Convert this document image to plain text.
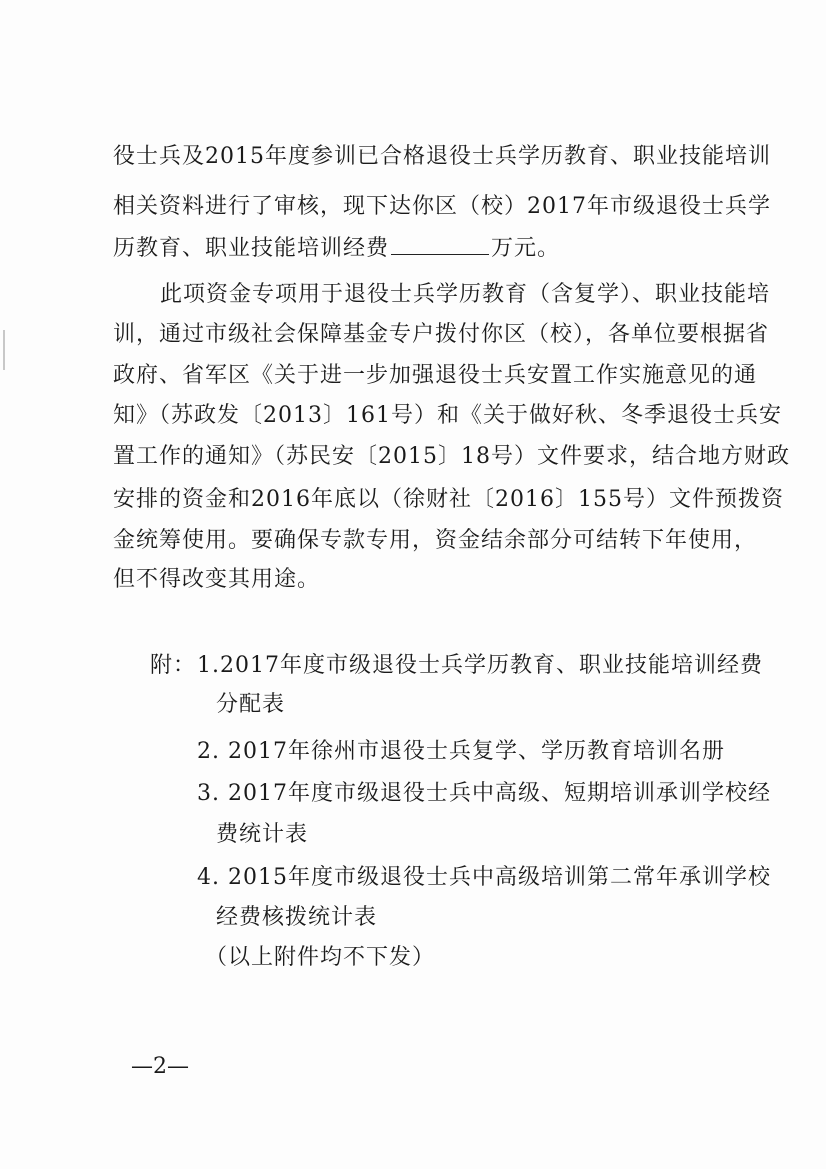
役士兵及2015年度参训已合格退役士兵学历教育、职业技能培训

相关资料进行了审核，现下达你区（校）2017年市级退役士兵学

历教育、职业技能培训经费	万元。

此项资金专项用于退役士兵学历教育（含复学）、职业技能培

训，通过市级社会保障基金专户拨付你区（校），各单位要根据省

政府、省军区《关于进一步加强退役士兵安置工作实施意见的通

知》（苏政发〔2013〕161号）和《关于做好秋、冬季退役士兵安

置工作的通知》（苏民安〔2015〕18号）文件要求，结合地方财政

安排的资金和2016年底以（徐财社〔2016〕155号）文件预拨资

金统筹使用。要确保专款专用，资金结余部分可结转下年使用，

但不得改变其用途。

附： 1.2017年度市级退役士兵学历教育、职业技能培训经费

分配表

2. 2017年徐州市退役士兵复学、学历教育培训名册

3. 2017年度市级退役士兵中高级、短期培训承训学校经

费统计表

4. 2015年度市级退役士兵中高级培训第二常年承训学校

经费核拨统计表

（以上附件均不下发）

—2—
